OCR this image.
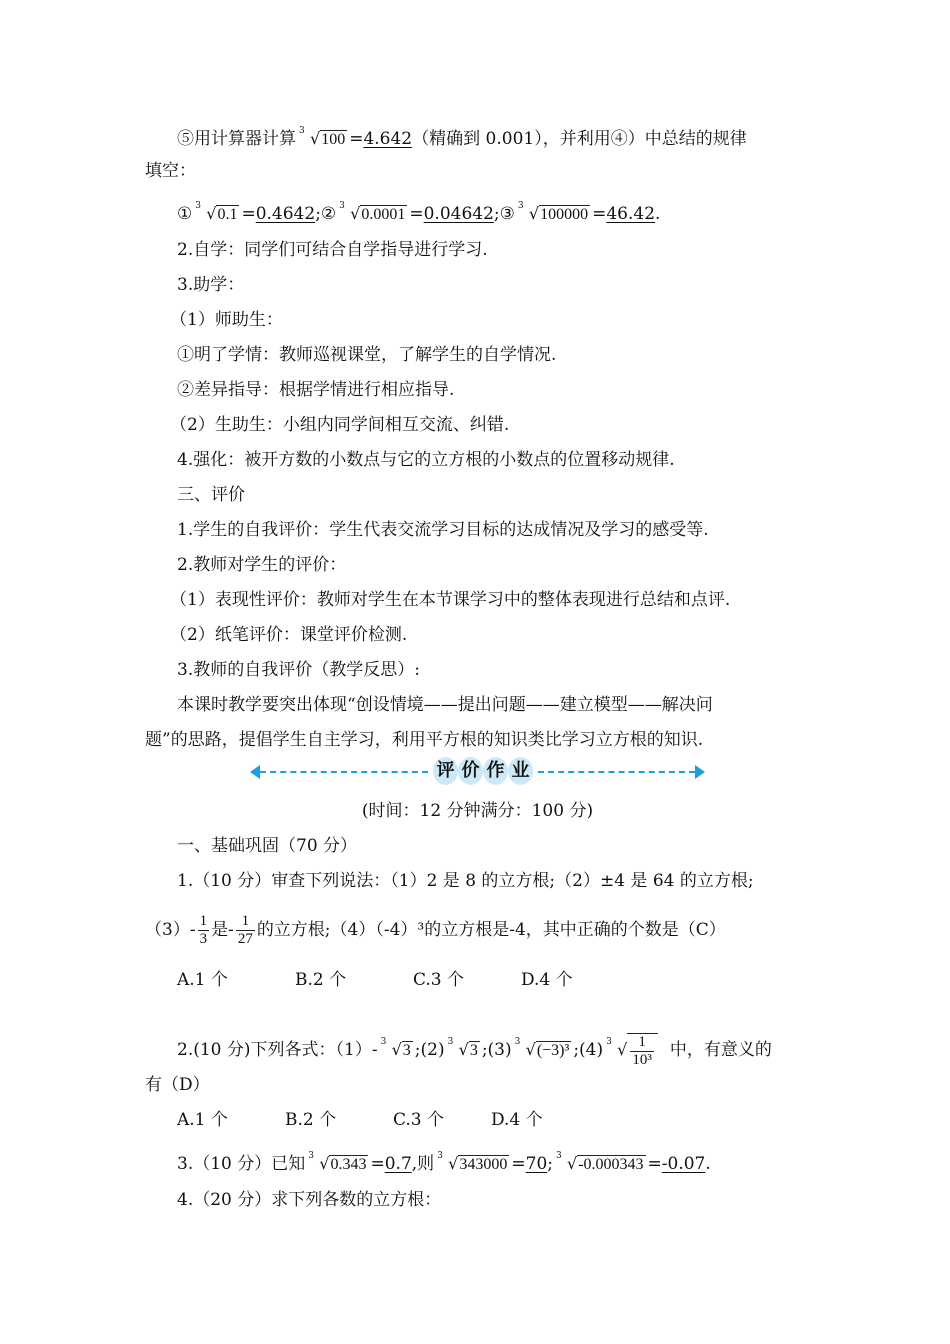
⑤用计算器计算 3 √100 =4.642（精确到 0.001），并利用④）中总结的规律
填空：
① 3 √0.1 =0.4642;② 3 √0.0001 =0.04642;③ 3 √100000 =46.42.
2.自学：同学们可结合自学指导进行学习.
3.助学：
（1）师助生：
①明了学情：教师巡视课堂，了解学生的自学情况.
②差异指导：根据学情进行相应指导.
（2）生助生：小组内同学间相互交流、纠错.
4.强化：被开方数的小数点与它的立方根的小数点的位置移动规律.
三、评价
1.学生的自我评价：学生代表交流学习目标的达成情况及学习的感受等.
2.教师对学生的评价：
（1）表现性评价：教师对学生在本节课学习中的整体表现进行总结和点评.
（2）纸笔评价：课堂评价检测.
3.教师的自我评价（教学反思）:
本课时教学要突出体现“创设情境——提出问题——建立模型——解决问
题”的思路，提倡学生自主学习，利用平方根的知识类比学习立方根的知识.
评 价 作 业
(时间：12 分钟满分：100 分)
一、基础巩固（70 分）
1.（10 分）审查下列说法：（1）2 是 8 的立方根;（2）±4 是 64 的立方根;
$(3)- \frac{1}{3}$ 是- $\frac{1}{27}$ 的立方根;（4）（-4）³的立方根是-4，其中正确的个数是（C）
A.1 个	B.2 个	C.3 个	D.4 个
2.(10 分)下列各式：（1）- 3 √3 ;(2) 3 √3 ;(3) 3 √(−3)³ ;(4) 3 √ $\frac{1}{\text{10³}}$ 中，有意义的
有（D）
A.1 个	B.2 个	C.3 个	D.4 个
3.（10 分）已知 3 √0.343 =0.7,则 3 √343000 =70; 3 √-0.000343 =-0.07.
4.（20 分）求下列各数的立方根：
